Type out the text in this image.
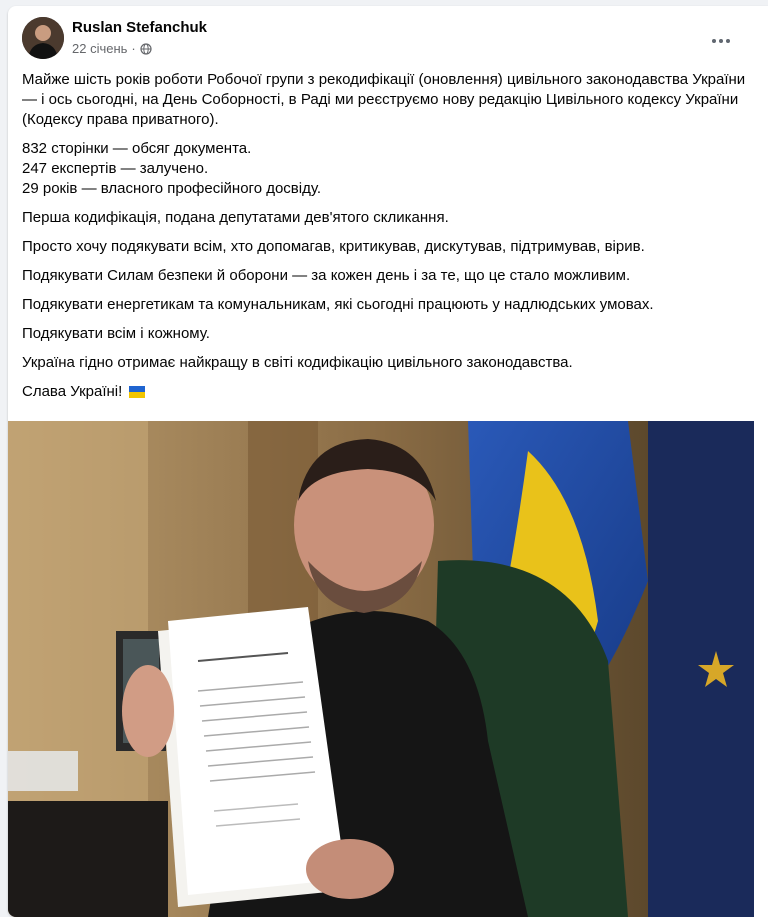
Ruslan Stefanchuk
22 січень ·

Майже шість років роботи Робочої групи з рекодифікації (оновлення) цивільного законодавства України — і ось сьогодні, на День Соборності, в Раді ми реєструємо нову редакцію Цивільного кодексу України (Кодексу права приватного).

832 сторінки — обсяг документа.
247 експертів — залучено.
29 років — власного професійного досвіду.

Перша кодифікація, подана депутатами дев'ятого скликання.

Просто хочу подякувати всім, хто допомагав, критикував, дискутував, підтримував, вірив.

Подякувати Силам безпеки й оборони — за кожен день і за те, що це стало можливим.

Подякувати енергетикам та комунальникам, які сьогодні працюють у надлюдських умовах.

Подякувати всім і кожному.

Україна гідно отримає найкращу в світі кодифікацію цивільного законодавства.

Слава Україні!
